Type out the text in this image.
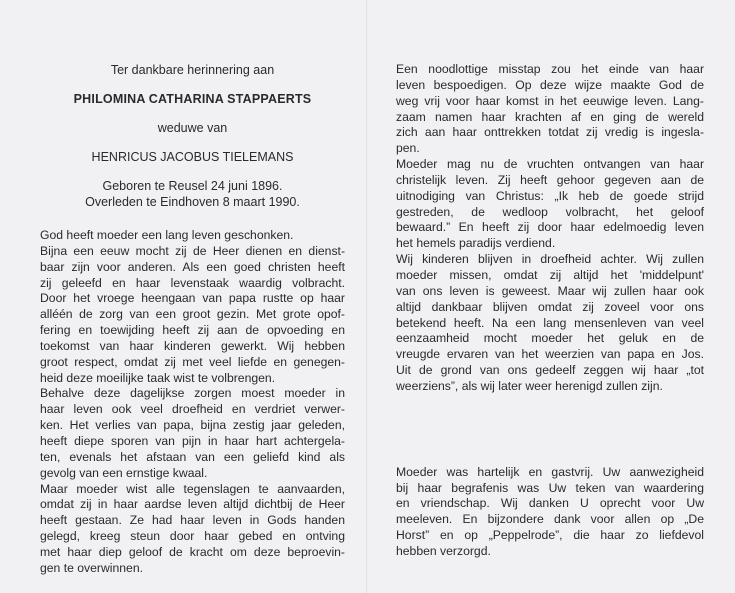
Ter dankbare herinnering aan
PHILOMINA CATHARINA STAPPAERTS
weduwe van
HENRICUS JACOBUS TIELEMANS
Geboren te Reusel 24 juni 1896.
Overleden te Eindhoven 8 maart 1990.
God heeft moeder een lang leven geschonken.
Bijna een eeuw mocht zij de Heer dienen en dienst-
baar zijn voor anderen. Als een goed christen heeft
zij geleefd en haar levenstaak waardig volbracht.
Door het vroege heengaan van papa rustte op haar
alléén de zorg van een groot gezin. Met grote opof-
fering en toewijding heeft zij aan de opvoeding en
toekomst van haar kinderen gewerkt. Wij hebben
groot respect, omdat zij met veel liefde en genegen-
heid deze moeilijke taak wist te volbrengen.
Behalve deze dagelijkse zorgen moest moeder in
haar leven ook veel droefheid en verdriet verwer-
ken. Het verlies van papa, bijna zestig jaar geleden,
heeft diepe sporen van pijn in haar hart achtergela-
ten, evenals het afstaan van een geliefd kind als
gevolg van een ernstige kwaal.
Maar moeder wist alle tegenslagen te aanvaarden,
omdat zij in haar aardse leven altijd dichtbij de Heer
heeft gestaan. Ze had haar leven in Gods handen
gelegd, kreeg steun door haar gebed en ontving
met haar diep geloof de kracht om deze beproevin-
gen te overwinnen.
Een noodlottige misstap zou het einde van haar
leven bespoedigen. Op deze wijze maakte God de
weg vrij voor haar komst in het eeuwige leven. Lang-
zaam namen haar krachten af en ging de wereld
zich aan haar onttrekken totdat zij vredig is ingesla-
pen.
Moeder mag nu de vruchten ontvangen van haar
christelijk leven. Zij heeft gehoor gegeven aan de
uitnodiging van Christus: „Ik heb de goede strijd
gestreden, de wedloop volbracht, het geloof
bewaard.” En heeft zij door haar edelmoedig leven
het hemels paradijs verdiend.
Wij kinderen blijven in droefheid achter. Wij zullen
moeder missen, omdat zij altijd het 'middelpunt'
van ons leven is geweest. Maar wij zullen haar ook
altijd dankbaar blijven omdat zij zoveel voor ons
betekend heeft. Na een lang mensenleven van veel
eenzaamheid mocht moeder het geluk en de
vreugde ervaren van het weerzien van papa en Jos.
Uit de grond van ons gedeelf zeggen wij haar „tot
weerziens”, als wij later weer herenigd zullen zijn.
Moeder was hartelijk en gastvrij. Uw aanwezigheid
bij haar begrafenis was Uw teken van waardering
en vriendschap. Wij danken U oprecht voor Uw
meeleven. En bijzondere dank voor allen op „De
Horst” en op „Peppelrode”, die haar zo liefdevol
hebben verzorgd.
